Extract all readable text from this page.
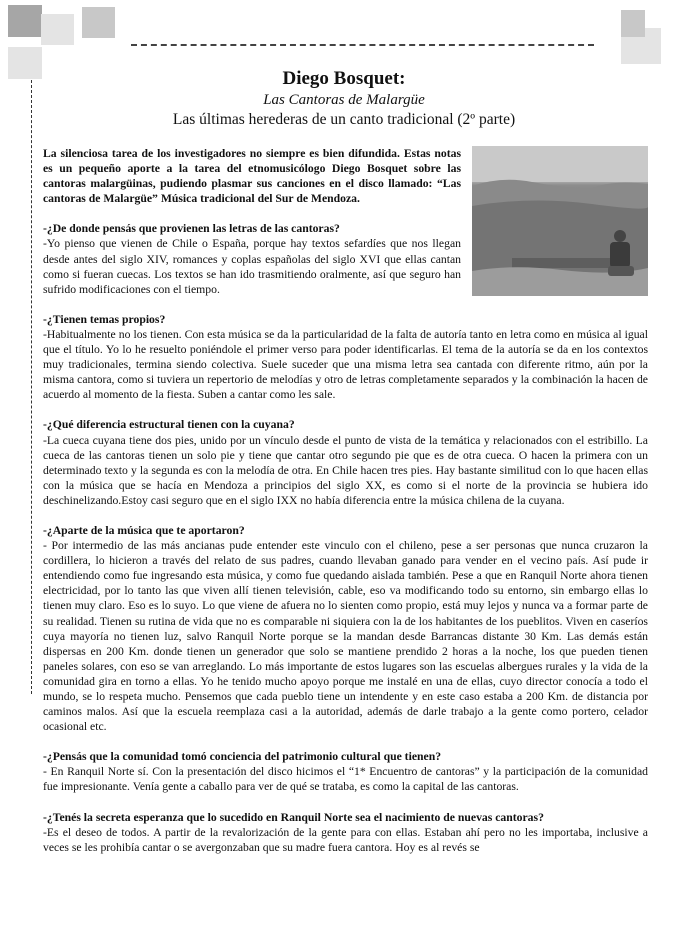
Diego Bosquet:
Las Cantoras de Malargüe
Las últimas herederas de un canto tradicional (2º parte)

La silenciosa tarea de los investigadores no siempre es bien difundida. Estas notas es un pequeño aporte a la tarea del etnomusicólogo Diego Bosquet sobre las cantoras malargüinas, pudiendo plasmar sus canciones en el disco llamado: “Las cantoras de Malargüe” Música tradicional del Sur de Mendoza.

-¿De donde pensás que provienen las letras de las cantoras?

-Yo pienso que vienen de Chile o España, porque hay textos sefardíes que nos llegan desde antes del siglo XIV, romances y coplas españolas del siglo XVI que ellas cantan como si fueran cuecas. Los textos se han ido trasmitiendo oralmente, así que seguro han sufrido modificaciones con el tiempo.

-¿Tienen temas propios?

-Habitualmente no los tienen. Con esta música se da la particularidad de la falta de autoría tanto en letra como en música al igual que el título. Yo lo he resuelto poniéndole el primer verso para poder identificarlas. El tema de la autoría se da en los contextos muy tradicionales, termina siendo colectiva. Suele suceder que una misma letra sea cantada con diferente ritmo, aún por la misma cantora, como si tuviera un repertorio de melodías y otro de letras completamente separados y la combinación la hacen de acuerdo al momento de la fiesta. Suben a cantar como les sale.

-¿Qué diferencia estructural tienen con la cuyana?

-La cueca cuyana tiene dos pies, unido por un vínculo desde el punto de vista de la temática y relacionados con el estribillo. La cueca de las cantoras tienen un solo pie y tiene que cantar otro segundo pie que es de otra cueca. O hacen la primera con un determinado texto y la segunda es con la melodía de otra. En Chile hacen tres pies. Hay bastante similitud con lo que hacen ellas con la música que se hacía en Mendoza a principios del siglo XX, es como si el norte de la provincia se hubiera ido deschinelizando.Estoy casi seguro que en el siglo IXX no había diferencia entre la música chilena de la cuyana.

-¿Aparte de la música que te aportaron?

- Por intermedio de las más ancianas pude entender este vinculo con el chileno, pese a ser personas que nunca cruzaron la cordillera, lo hicieron a través del relato de sus padres, cuando llevaban ganado para vender en el vecino país. Así pude ir entendiendo como fue ingresando esta música, y como fue quedando aislada también. Pese a que en Ranquil Norte ahora tienen electricidad, por lo tanto las que viven allí tienen televisión, cable, eso va modificando todo su entorno, sin embargo ellas lo tienen muy claro. Eso es lo suyo. Lo que viene de afuera no lo sienten como propio, está muy lejos y nunca va a formar parte de su realidad. Tienen su rutina de vida que no es comparable ni siquiera con la de los habitantes de los pueblitos. Viven en caseríos cuya mayoría no tienen luz, salvo Ranquil Norte porque se la mandan desde Barrancas distante 30 Km. Las demás están dispersas en 200 Km. donde tienen un generador que solo se mantiene prendido 2 horas a la noche, los que pueden tienen paneles solares, con eso se van arreglando. Lo más importante de estos lugares son las escuelas albergues rurales y la vida de la comunidad gira en torno a ellas. Yo he tenido mucho apoyo porque me instalé en una de ellas, cuyo director conocía a todo el mundo, se lo respeta mucho. Pensemos que cada pueblo tiene un intendente y en este caso estaba a 200 Km. de distancia por caminos malos. Así que la escuela reemplaza casi a la autoridad, además de darle trabajo a la gente como portero, celador ocasional etc.

-¿Pensás que la comunidad tomó conciencia del patrimonio cultural que tienen?

- En Ranquil Norte sí. Con la presentación del disco hicimos el “1* Encuentro de cantoras” y la participación de la comunidad fue impresionante. Venía gente a caballo para ver de qué se trataba, es como la capital de las cantoras.

-¿Tenés la secreta esperanza que lo sucedido en Ranquil Norte sea el nacimiento de nuevas cantoras?

-Es el deseo de todos. A partir de la revalorización de la gente para con ellas. Estaban ahí pero no les importaba, inclusive a veces se les prohibía cantar o se avergonzaban que su madre fuera cantora. Hoy es al revés se
